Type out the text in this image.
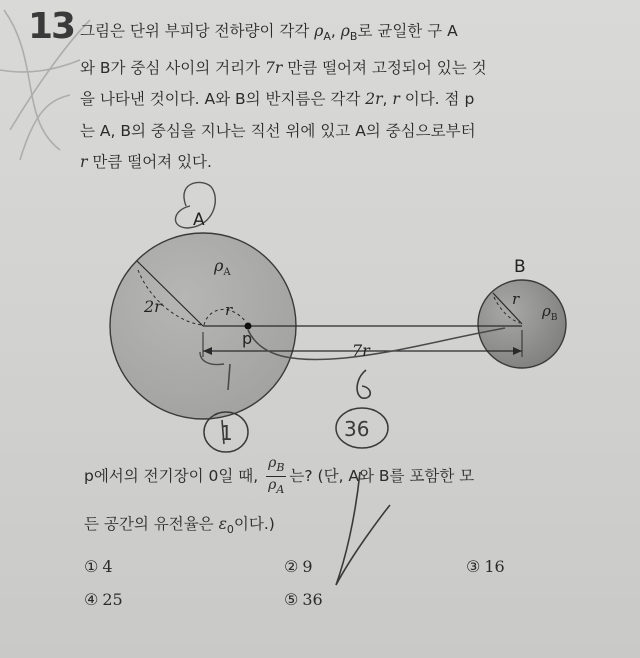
13 그림은 단위 부피당 전하량이 각각 $\rho_A$, $\rho_B$로 균일한 구 A
와 B가 중심 사이의 거리가 7r 만큼 떨어져 고정되어 있는 것
을 나타낸 것이다. A와 B의 반지름은 각각 2r, r 이다. 점 p
는 A, B의 중심을 지나는 직선 위에 있고 A의 중심으로부터
r 만큼 떨어져 있다.
A
B
$\rho_A$
$\rho_B$
2r	r
r
p
7r
1	36
p에서의 전기장이 0일 때, $\frac{\rho_B}{\rho_A}$ 는? (단, A와 B를 포함한 모
든 공간의 유전율은 $\varepsilon_0$이다.)
① 4	② 9	③ 16
④ 25	⑤ 36
